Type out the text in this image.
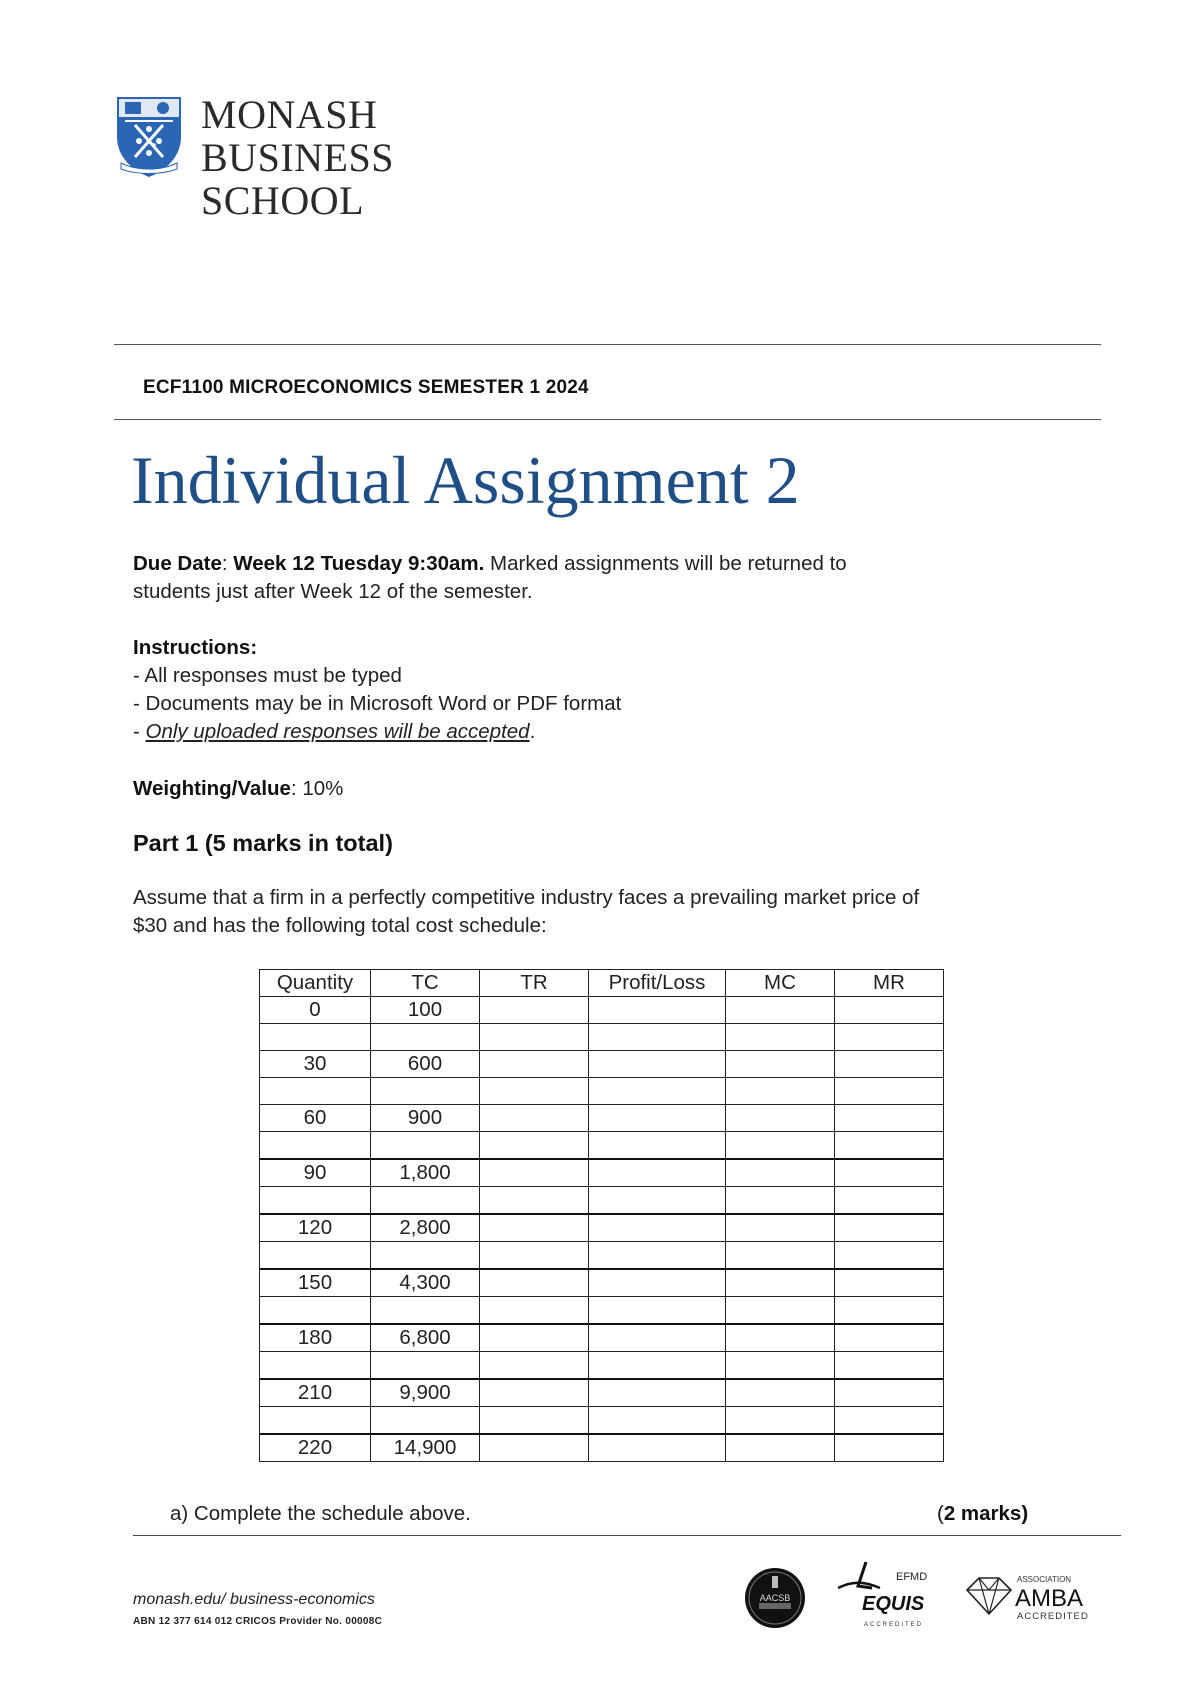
MONASH
BUSINESS
SCHOOL
ECF1100 MICROECONOMICS SEMESTER 1 2024
Individual Assignment 2
Due Date: Week 12 Tuesday 9:30am. Marked assignments will be returned to
students just after Week 12 of the semester.
Instructions:
- All responses must be typed
- Documents may be in Microsoft Word or PDF format
- Only uploaded responses will be accepted.
Weighting/Value: 10%
Part 1 (5 marks in total)
Assume that a firm in a perfectly competitive industry faces a prevailing market price of
$30 and has the following total cost schedule:
Quantity	TC	TR	Profit/Loss	MC	MR
0	100				

30	600				

60	900				

90	1,800				

120	2,800				

150	4,300				

180	6,800				

210	9,900				

220	14,900				
a) Complete the schedule above.	(2 marks)
monash.edu/ business-economics
ABN 12 377 614 012 CRICOS Provider No. 00008C
AACSB
EFMD
EQUIS
ACCREDITED
ASSOCIATION
AMBA
ACCREDITED
